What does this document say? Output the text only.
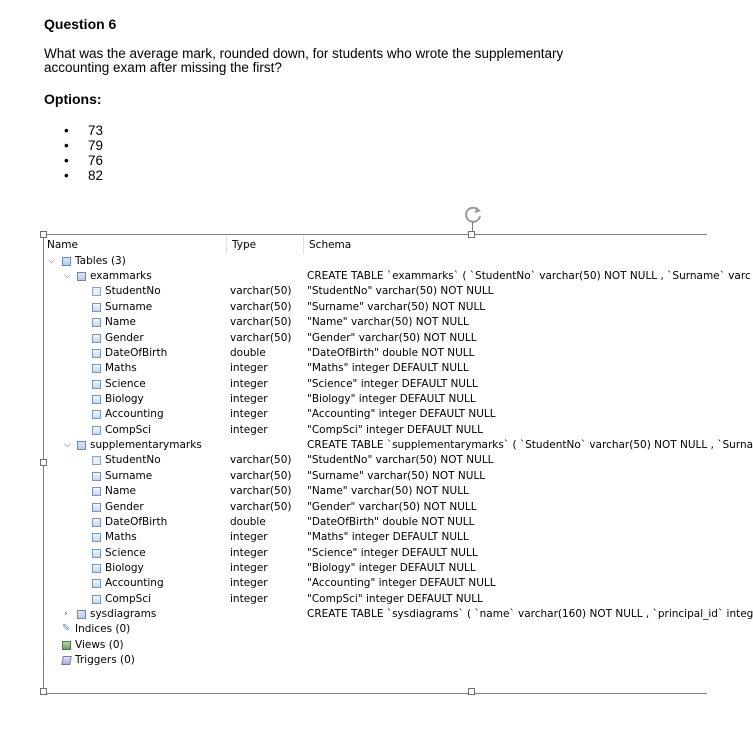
Question 6
What was the average mark, rounded down, for students who wrote the supplementary accounting exam after missing the first?
Options:
• 73
• 79
• 76
• 82
Name	Type	Schema
⌵ Tables (3)
⌵ exammarks	CREATE TABLE `exammarks` ( `StudentNo` varchar(50) NOT NULL , `Surname` varc
StudentNo	varchar(50) "StudentNo" varchar(50) NOT NULL
Surname	varchar(50) "Surname" varchar(50) NOT NULL
Name	varchar(50) "Name" varchar(50) NOT NULL
Gender	varchar(50) "Gender" varchar(50) NOT NULL
DateOfBirth	double	"DateOfBirth" double NOT NULL
Maths	integer	"Maths" integer DEFAULT NULL
Science	integer	"Science" integer DEFAULT NULL
Biology	integer	"Biology" integer DEFAULT NULL
Accounting	integer	"Accounting" integer DEFAULT NULL
CompSci	integer	"CompSci" integer DEFAULT NULL
⌵ supplementarymarks	CREATE TABLE `supplementarymarks` ( `StudentNo` varchar(50) NOT NULL , `Surna
StudentNo	varchar(50) "StudentNo" varchar(50) NOT NULL
Surname	varchar(50) "Surname" varchar(50) NOT NULL
Name	varchar(50) "Name" varchar(50) NOT NULL
Gender	varchar(50) "Gender" varchar(50) NOT NULL
DateOfBirth	double	"DateOfBirth" double NOT NULL
Maths	integer	"Maths" integer DEFAULT NULL
Science	integer	"Science" integer DEFAULT NULL
Biology	integer	"Biology" integer DEFAULT NULL
Accounting	integer	"Accounting" integer DEFAULT NULL
CompSci	integer	"CompSci" integer DEFAULT NULL
› sysdiagrams	CREATE TABLE `sysdiagrams` ( `name` varchar(160) NOT NULL , `principal_id` integ
✎ Indices (0)
Views (0)
Triggers (0)
